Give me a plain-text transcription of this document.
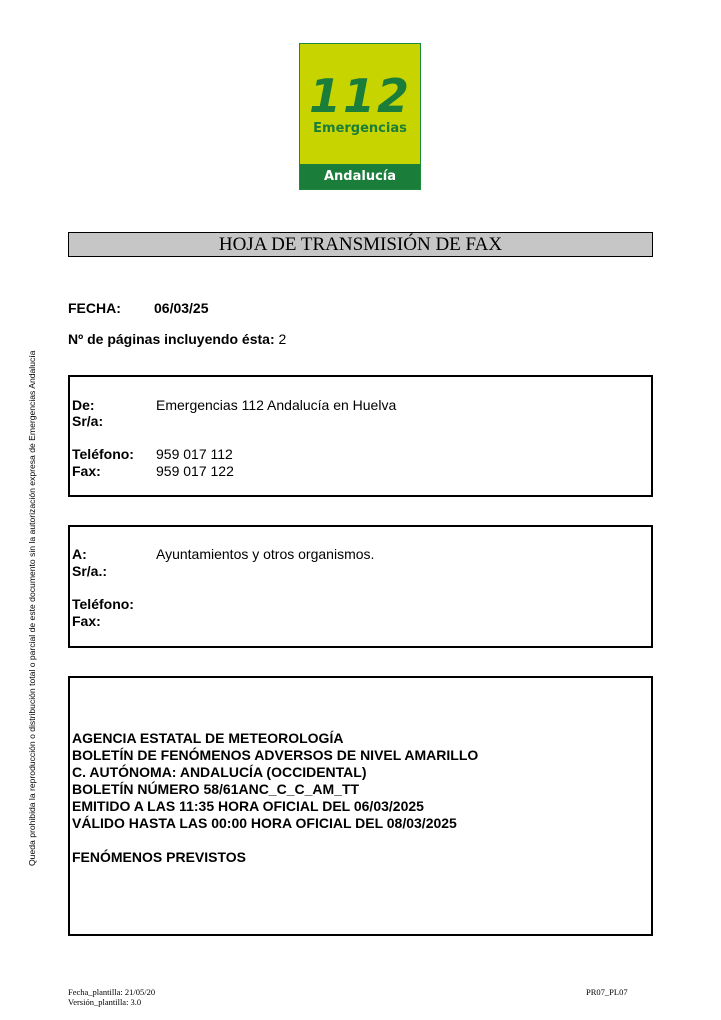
112
Emergencias
Andalucía
HOJA DE TRANSMISIÓN DE FAX
FECHA: 06/03/25
Nº de páginas incluyendo ésta: 2
De:	Emergencias 112 Andalucía en Huelva
Sr/a:
Teléfono: 959 017 112
Fax:	959 017 122
A:	Ayuntamientos y otros organismos.
Sr/a.:
Teléfono:
Fax:
AGENCIA ESTATAL DE METEOROLOGÍA
BOLETÍN DE FENÓMENOS ADVERSOS DE NIVEL AMARILLO
C. AUTÓNOMA: ANDALUCÍA (OCCIDENTAL)
BOLETÍN NÚMERO 58/61ANC_C_C_AM_TT
EMITIDO A LAS 11:35 HORA OFICIAL DEL 06/03/2025
VÁLIDO HASTA LAS 00:00 HORA OFICIAL DEL 08/03/2025
FENÓMENOS PREVISTOS
Queda prohibida la reproducción o distribución total o parcial de este documento sin la autorización expresa de Emergencias Andalucía
Fecha_plantilla: 21/05/20
Versión_plantilla: 3.0
PR07_PL07
